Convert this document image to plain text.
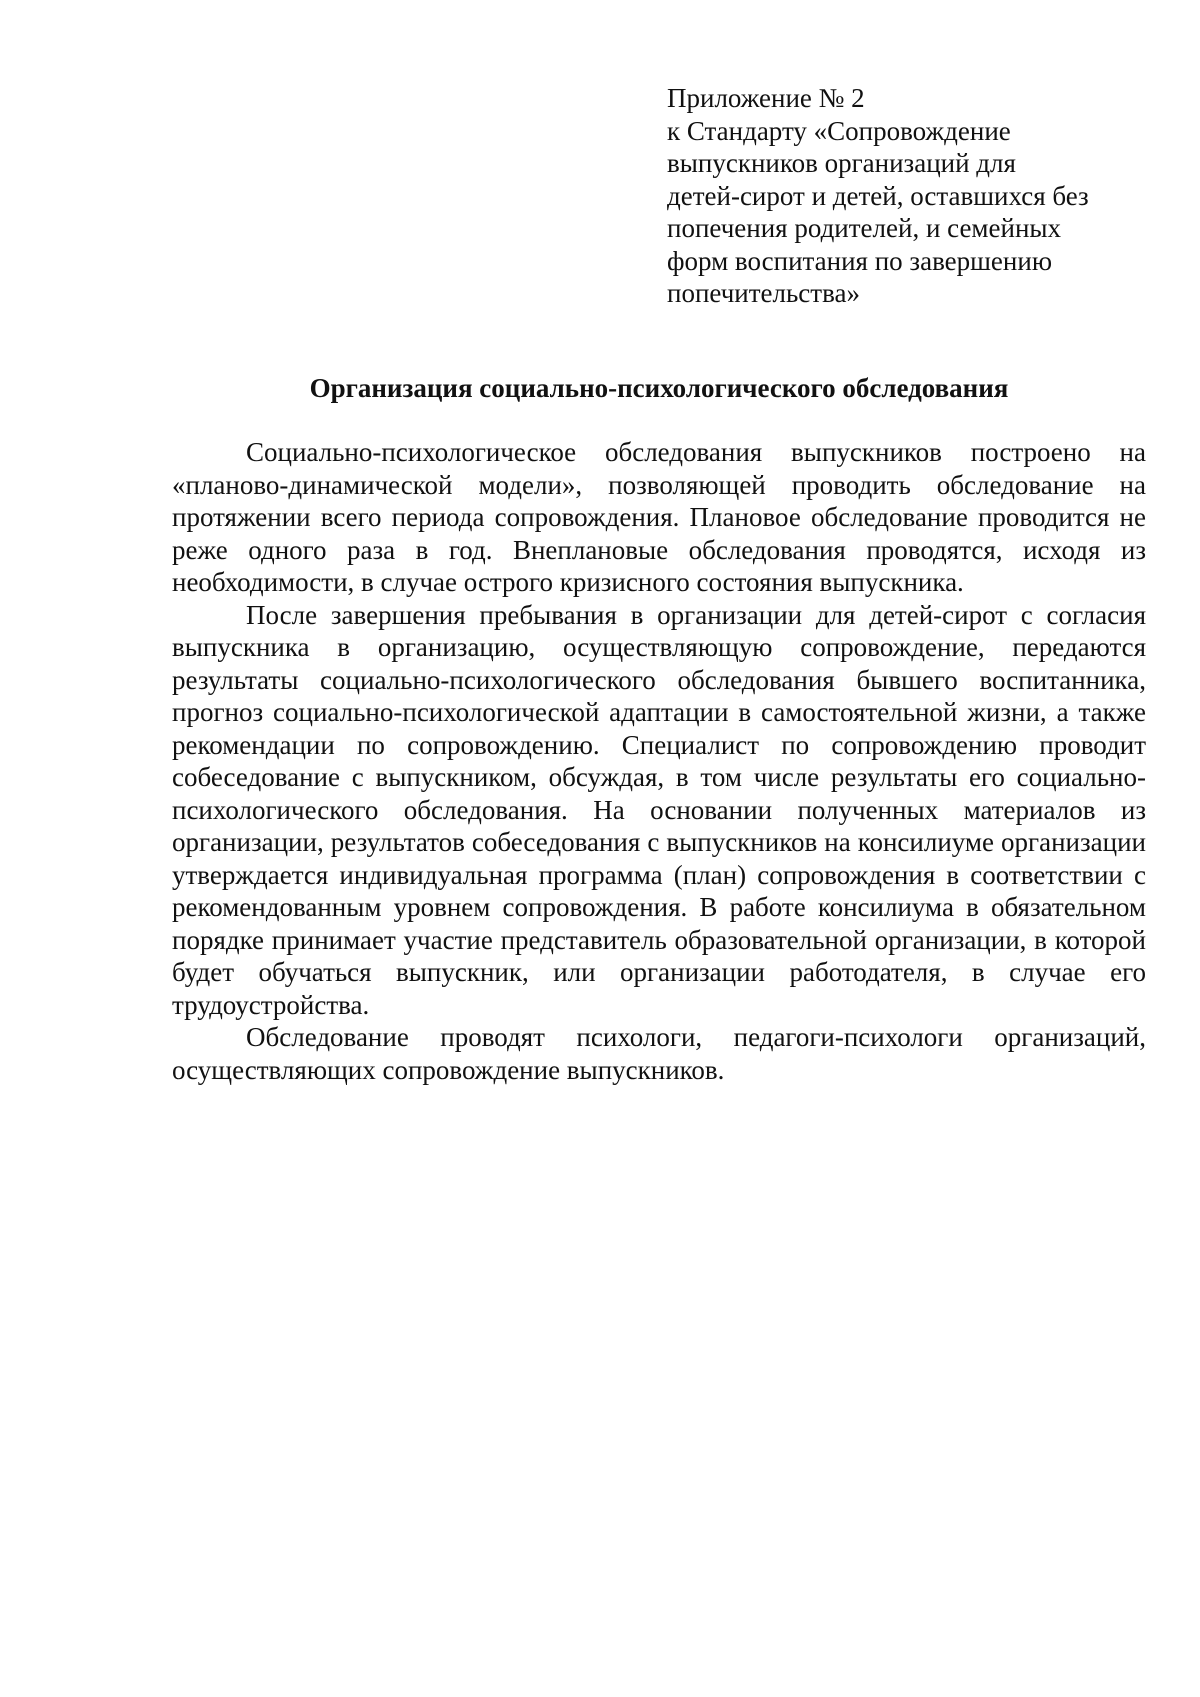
Приложение № 2
к Стандарту «Сопровождение
выпускников организаций для
детей-сирот и детей, оставшихся без
попечения родителей, и семейных
форм воспитания по завершению
попечительства»
Организация социально-психологического обследования

Социально-психологическое обследования выпускников построено на «планово-динамической модели», позволяющей проводить обследование на протяжении всего периода сопровождения. Плановое обследование проводится не реже одного раза в год. Внеплановые обследования проводятся, исходя из необходимости, в случае острого кризисного состояния выпускника.

После завершения пребывания в организации для детей-сирот с согласия выпускника в организацию, осуществляющую сопровождение, передаются результаты социально-психологического обследования бывшего воспитанника, прогноз социально-психологической адаптации в самостоятельной жизни, а также рекомендации по сопровождению. Специалист по сопровождению проводит собеседование с выпускником, обсуждая, в том числе результаты его социально-психологического обследования. На основании полученных материалов из организации, результатов собеседования с выпускников на консилиуме организации утверждается индивидуальная программа (план) сопровождения в соответствии с рекомендованным уровнем сопровождения. В работе консилиума в обязательном порядке принимает участие представитель образовательной организации, в которой будет обучаться выпускник, или организации работодателя, в случае его трудоустройства.

Обследование проводят психологи, педагоги-психологи организаций, осуществляющих сопровождение выпускников.
